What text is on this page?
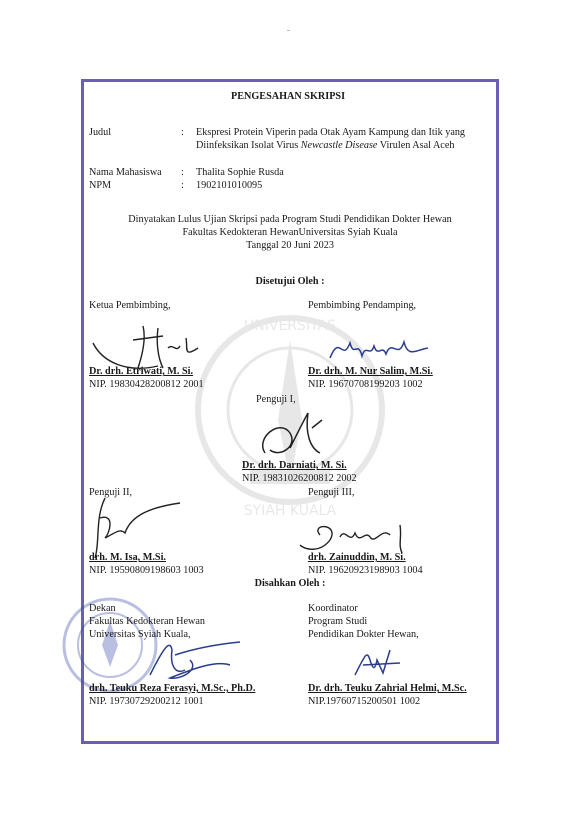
UNIVERSITAS
SYIAH KUALA
PENGESAHAN SKRIPSI
Judul	: Ekspresi Protein Viperin pada Otak Ayam Kampung dan Itik yang
Diinfeksikan Isolat Virus Newcastle Disease Virulen Asal Aceh
Nama Mahasiswa : Thalita Sophie Rusda
NPM	: 1902101010095
Dinyatakan Lulus Ujian Skripsi pada Program Studi Pendidikan Dokter Hewan
Fakultas Kedokteran HewanUniversitas Syiah Kuala
Tanggal 20 Juni 2023
Disetujui Oleh :
Ketua Pembimbing,
Dr. drh. Etriwati, M. Si.
NIP. 19830428200812 2001
Pembimbing Pendamping,
Dr. drh. M. Nur Salim, M.Si.
NIP. 19670708199203 1002
Penguji I,
Dr. drh. Darniati, M. Si.
NIP. 19831026200812 2002
Penguji II,
drh. M. Isa, M.Si.
NIP. 19590809198603 1003
Penguji III,
drh. Zainuddin, M. Si.
NIP. 19620923198903 1004
Disahkan Oleh :
Dekan
Fakultas Kedokteran Hewan
Universitas Syiah Kuala,
drh. Teuku Reza Ferasyi, M.Sc., Ph.D.
NIP. 19730729200212 1001
Koordinator
Program Studi
Pendidikan Dokter Hewan,
Dr. drh. Teuku Zahrial Helmi, M.Sc.
NIP.19760715200501 1002
